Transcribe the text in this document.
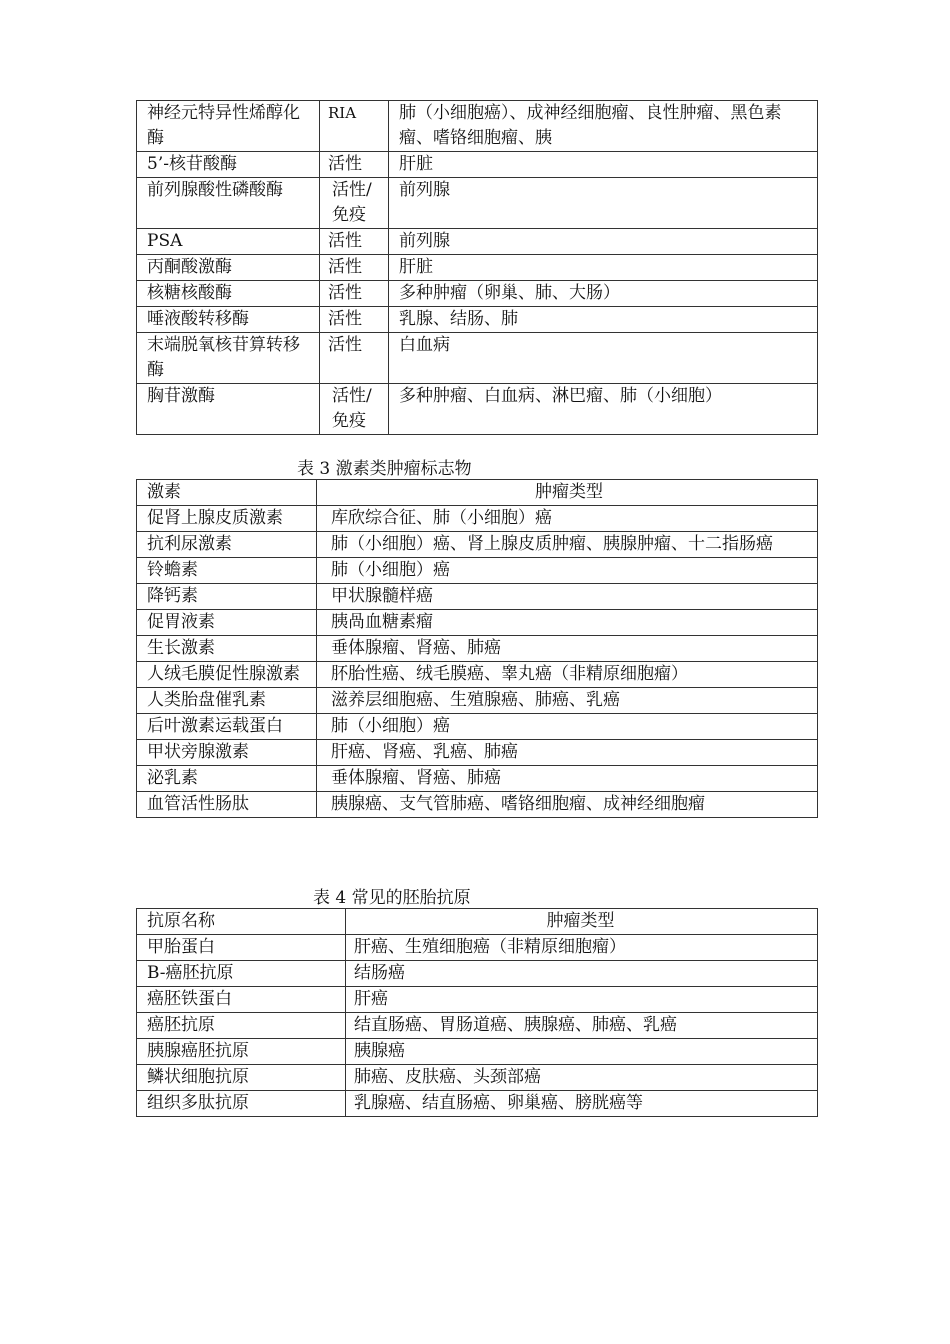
神经元特异性烯醇化酶	RIA	肺（小细胞癌）、成神经细胞瘤、良性肿瘤、黑色素瘤、嗜铬细胞瘤、胰
5’-核苷酸酶	活性	肝脏
前列腺酸性磷酸酶	活性/免疫	前列腺
PSA	活性	前列腺
丙酮酸激酶	活性	肝脏
核糖核酸酶	活性	多种肿瘤（卵巢、肺、大肠）
唾液酸转移酶	活性	乳腺、结肠、肺
末端脱氧核苷算转移酶	活性	白血病
胸苷激酶	活性/免疫	多种肿瘤、白血病、淋巴瘤、肺（小细胞）
表 3 激素类肿瘤标志物
激素	肿瘤类型
促肾上腺皮质激素	库欣综合征、肺（小细胞）癌
抗利尿激素	肺（小细胞）癌、肾上腺皮质肿瘤、胰腺肿瘤、十二指肠癌
铃蟾素	肺（小细胞）癌
降钙素	甲状腺髓样癌
促胃液素	胰咼血糖素瘤
生长激素	垂体腺瘤、肾癌、肺癌
人绒毛膜促性腺激素	肧胎性癌、绒毛膜癌、睾丸癌（非精原细胞瘤）
人类胎盘催乳素	滋养层细胞癌、生殖腺癌、肺癌、乳癌
后叶激素运载蛋白	肺（小细胞）癌
甲状旁腺激素	肝癌、肾癌、乳癌、肺癌
泌乳素	垂体腺瘤、肾癌、肺癌
血管活性肠肽	胰腺癌、支气管肺癌、嗜铬细胞瘤、成神经细胞瘤
表 4 常见的胚胎抗原
抗原名称	肿瘤类型
甲胎蛋白	肝癌、生殖细胞癌（非精原细胞瘤）
B-癌胚抗原	结肠癌
癌胚铁蛋白	肝癌
癌胚抗原	结直肠癌、胃肠道癌、胰腺癌、肺癌、乳癌
胰腺癌胚抗原	胰腺癌
鳞状细胞抗原	肺癌、皮肤癌、头颈部癌
组织多肽抗原	乳腺癌、结直肠癌、卵巢癌、膀胱癌等
